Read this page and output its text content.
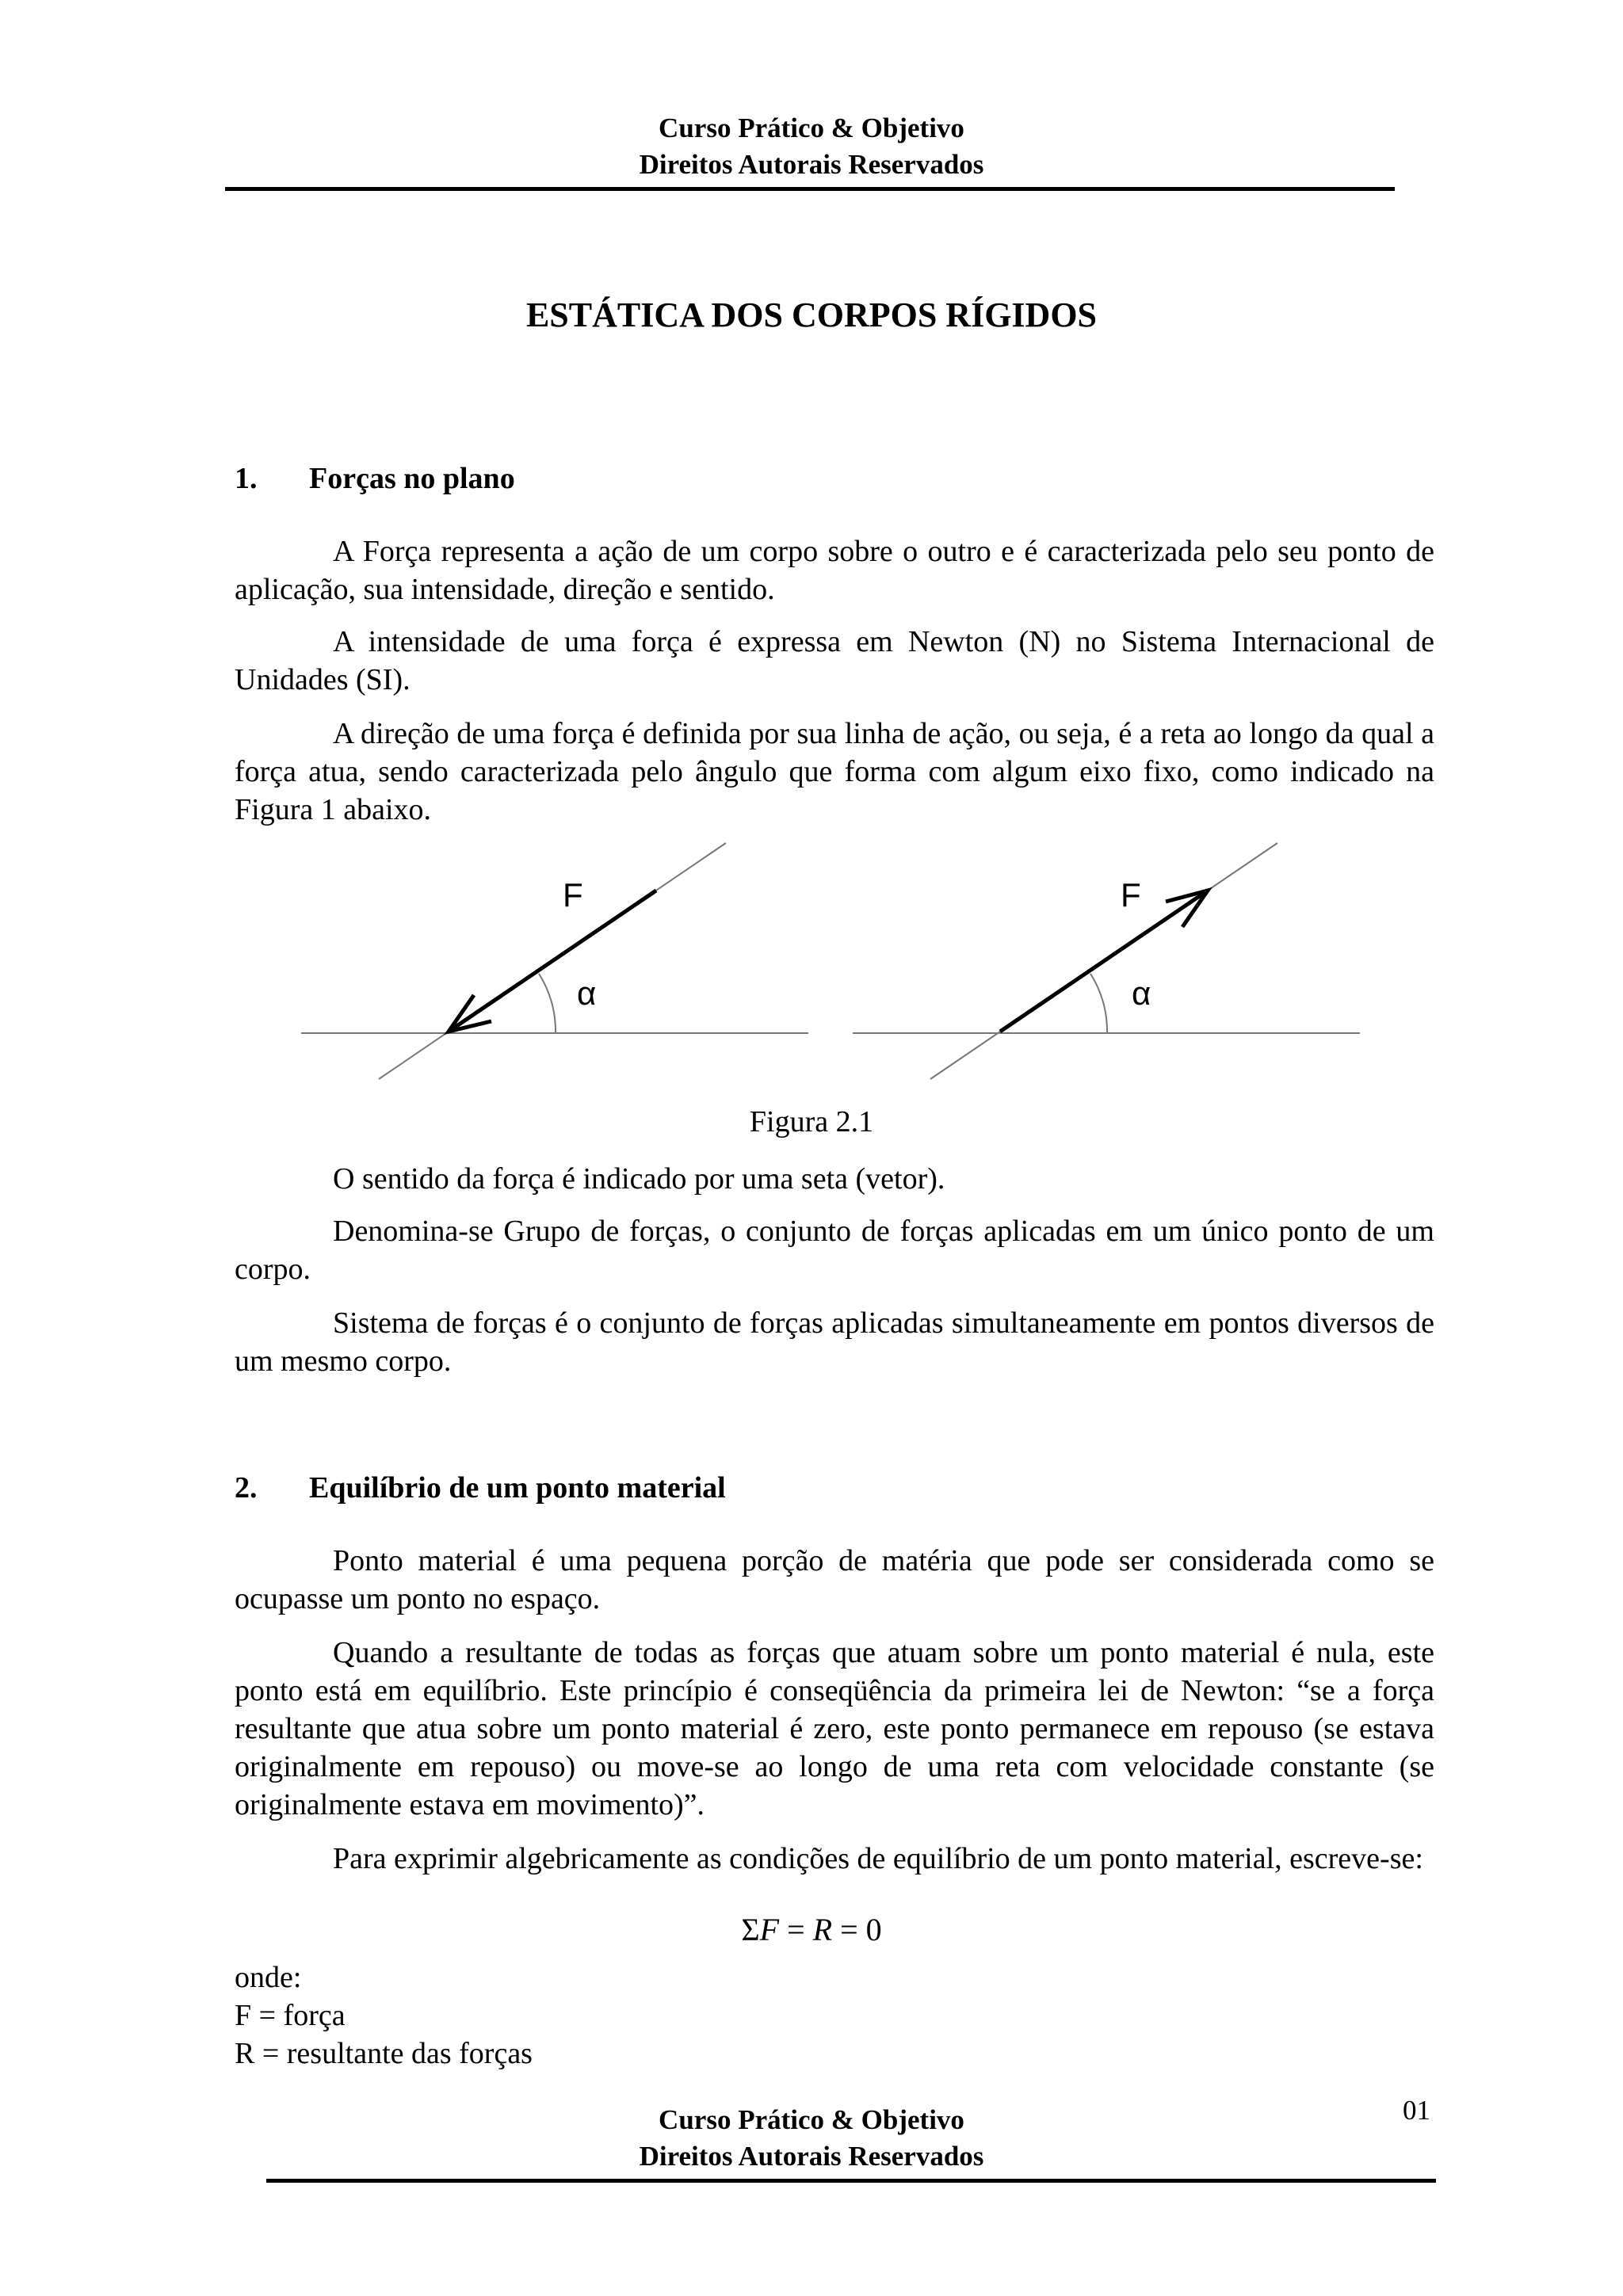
Curso Prático & Objetivo
Direitos Autorais Reservados
ESTÁTICA DOS CORPOS RÍGIDOS
1. Forças no plano
A Força representa a ação de um corpo sobre o outro e é caracterizada pelo seu ponto de aplicação, sua intensidade, direção e sentido.
A intensidade de uma força é expressa em Newton (N) no Sistema Internacional de Unidades (SI).
A direção de uma força é definida por sua linha de ação, ou seja, é a reta ao longo da qual a força atua, sendo caracterizada pelo ângulo que forma com algum eixo fixo, como indicado na Figura 1 abaixo.
F
α
F
α
Figura 2.1
O sentido da força é indicado por uma seta (vetor).
Denomina-se Grupo de forças, o conjunto de forças aplicadas em um único ponto de um corpo.
Sistema de forças é o conjunto de forças aplicadas simultaneamente em pontos diversos de um mesmo corpo.
2. Equilíbrio de um ponto material
Ponto material é uma pequena porção de matéria que pode ser considerada como se ocupasse um ponto no espaço.
Quando a resultante de todas as forças que atuam sobre um ponto material é nula, este ponto está em equilíbrio. Este princípio é conseqüência da primeira lei de Newton: “se a força resultante que atua sobre um ponto material é zero, este ponto permanece em repouso (se estava originalmente em repouso) ou move-se ao longo de uma reta com velocidade constante (se originalmente estava em movimento)”.
Para exprimir algebricamente as condições de equilíbrio de um ponto material, escreve-se:
ΣF = R = 0
onde:
F = força
R = resultante das forças
Curso Prático & Objetivo
Direitos Autorais Reservados
01
